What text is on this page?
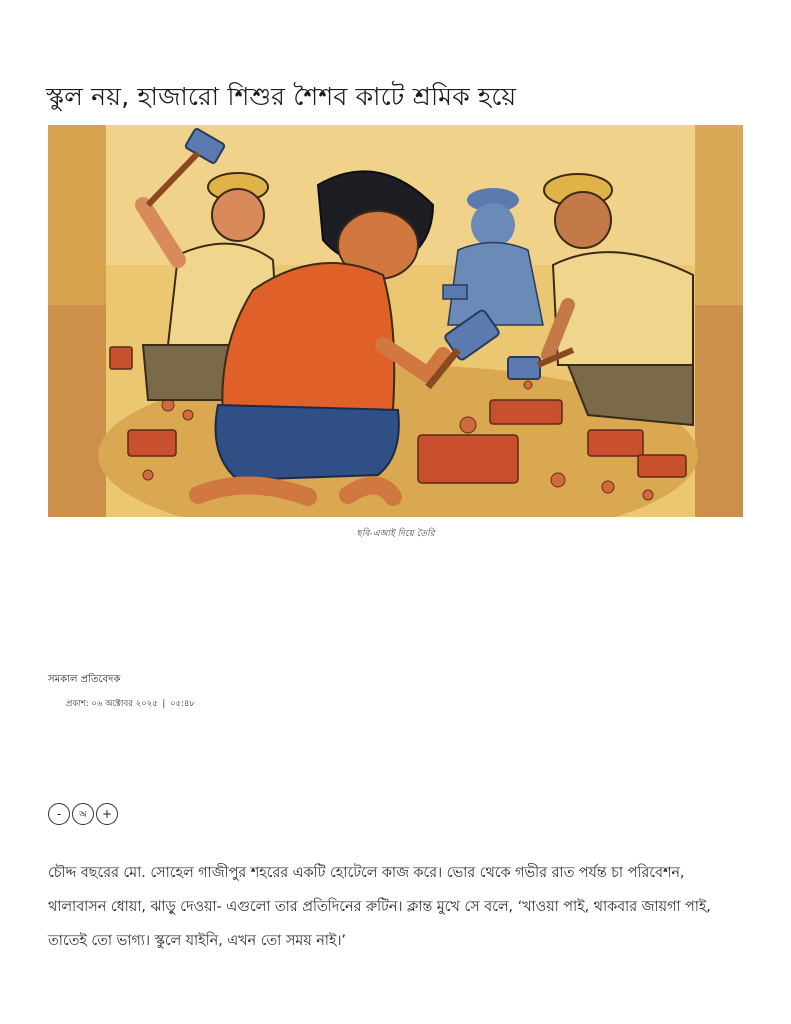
স্কুল নয়, হাজারো শিশুর শৈশব কাটে শ্রমিক হয়ে
ছবি-এআই দিয়ে তৈরি
সমকাল প্রতিবেদক
প্রকাশ: ০৬ অক্টোবর ২০২৫ | ০৫:৪৮
-	অ	+
চৌদ্দ বছরের মো. সোহেল গাজীপুর শহরের একটি হোটেলে কাজ করে। ভোর থেকে গভীর রাত পর্যন্ত চা পরিবেশন,
থালাবাসন ধোয়া, ঝাড়ু দেওয়া- এগুলো তার প্রতিদিনের রুটিন। ক্লান্ত মুখে সে বলে, ‘খাওয়া পাই, থাকবার জায়গা পাই,
তাতেই তো ভাগ্য। স্কুলে যাইনি, এখন তো সময় নাই।’
